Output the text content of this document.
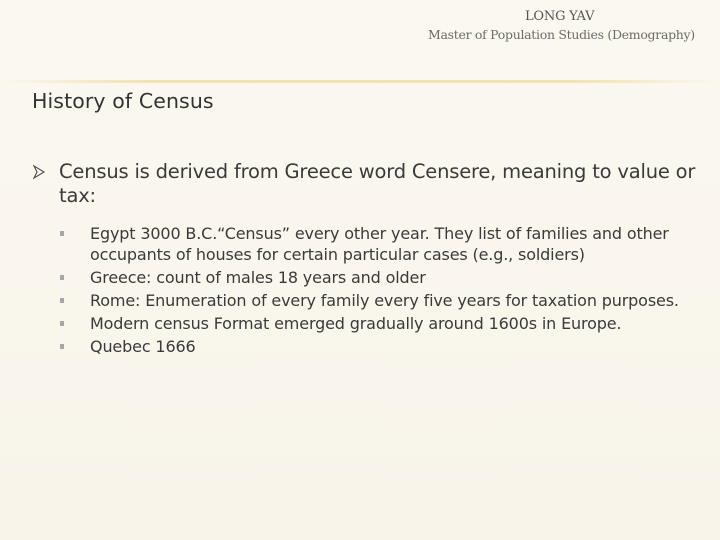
LONG YAV
Master of Population Studies (Demography)
History of Census
Census is derived from Greece word Censere, meaning to value or tax:
Egypt 3000 B.C.“Census” every other year. They list of families and other occupants of houses for certain particular cases (e.g., soldiers)
Greece: count of males 18 years and older
Rome: Enumeration of every family every five years for taxation purposes.
Modern census Format emerged gradually around 1600s in Europe.
Quebec 1666
